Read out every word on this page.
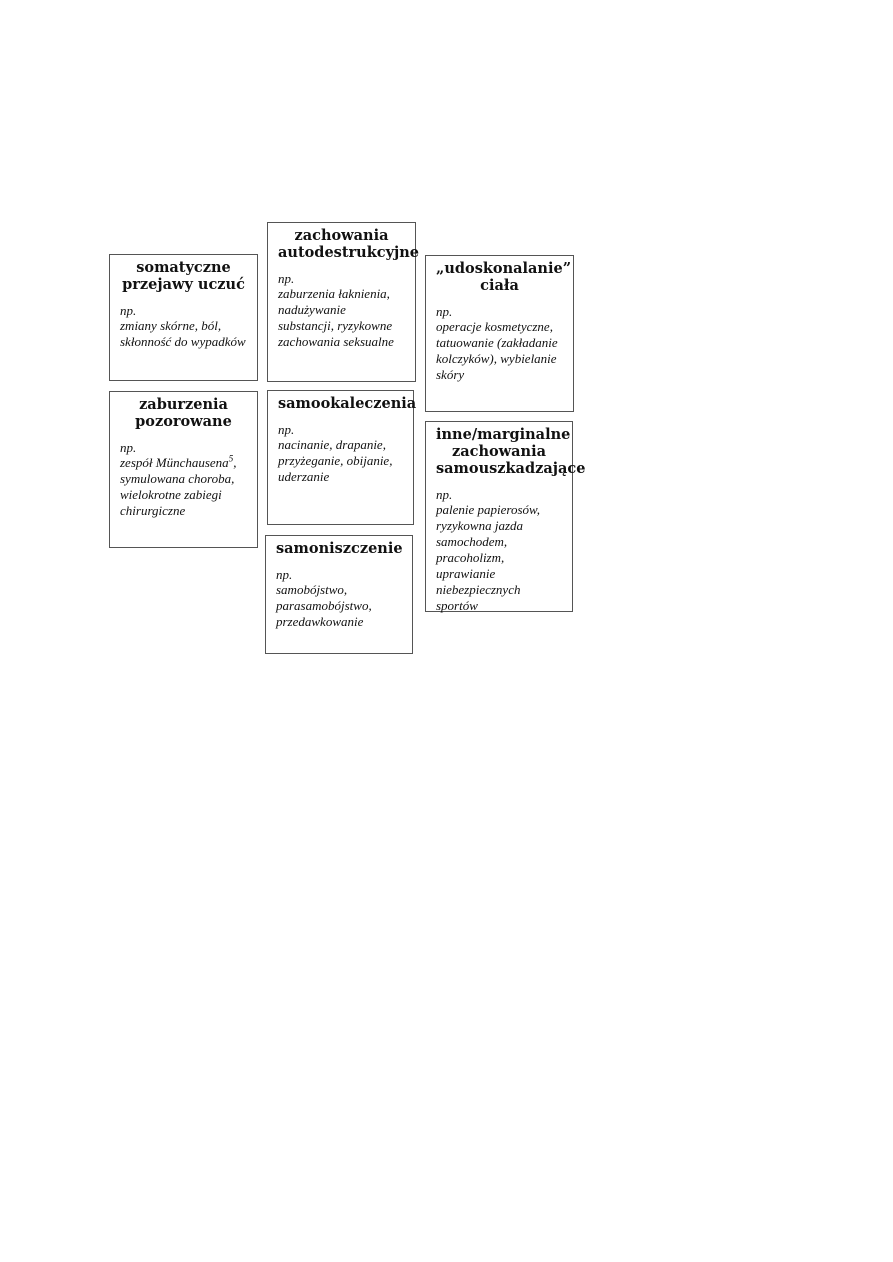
somatyczne przejawy uczuć

np.

zmiany skórne, ból, skłonność do wypadków

zaburzenia pozorowane

np.

zespół Münchausena$^5$, symulowana choroba, wielokrotne zabiegi chirurgiczne

zachowania autodestrukcyjne

np.

zaburzenia łaknienia, nadużywanie substancji, ryzykowne zachowania seksualne

samookaleczenia

np.

nacinanie, drapanie, przyżeganie, obijanie, uderzanie

samoniszczenie

np.

samobójstwo, parasamobójstwo, przedawkowanie

„udoskonalanie” ciała

np.

operacje kosmetyczne, tatuowanie (zakładanie kolczyków), wybielanie skóry

inne/marginalne zachowania samouszkadzające

np.

palenie papierosów, ryzykowna jazda samochodem, pracoholizm, uprawianie niebezpiecznych sportów
